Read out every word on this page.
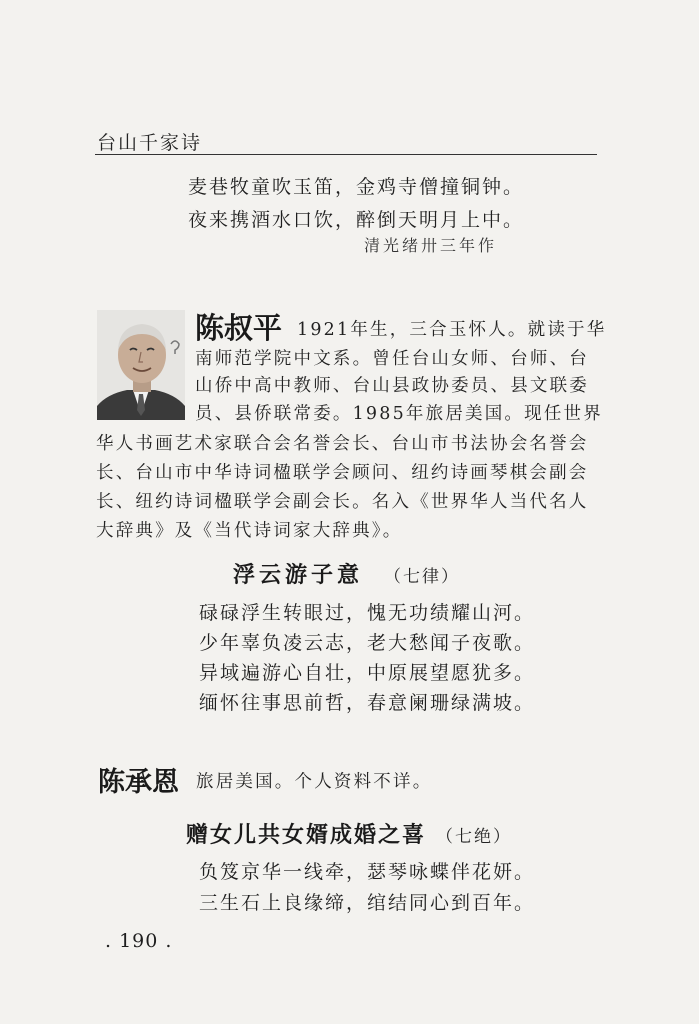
台山千家诗
麦巷牧童吹玉笛，金鸡寺僧撞铜钟。
夜来携酒水口饮，醉倒天明月上中。
清光绪卅三年作
陈叔平 1921年生，三合玉怀人。就读于华
南师范学院中文系。曾任台山女师、台师、台
山侨中高中教师、台山县政协委员、县文联委
员、县侨联常委。1985年旅居美国。现任世界
华人书画艺术家联合会名誉会长、台山市书法协会名誉会
长、台山市中华诗词楹联学会顾问、纽约诗画琴棋会副会
长、纽约诗词楹联学会副会长。名入《世界华人当代名人
大辞典》及《当代诗词家大辞典》。
浮云游子意 （七律）
碌碌浮生转眼过，愧无功绩耀山河。
少年辜负凌云志，老大愁闻子夜歌。
异域遍游心自壮，中原展望愿犹多。
缅怀往事思前哲，春意阑珊绿满坡。
陈承恩 旅居美国。个人资料不详。
赠女儿共女婿成婚之喜 （七绝）
负笈京华一线牵，瑟琴咏蝶伴花妍。
三生石上良缘缔，绾结同心到百年。
. 190 .
